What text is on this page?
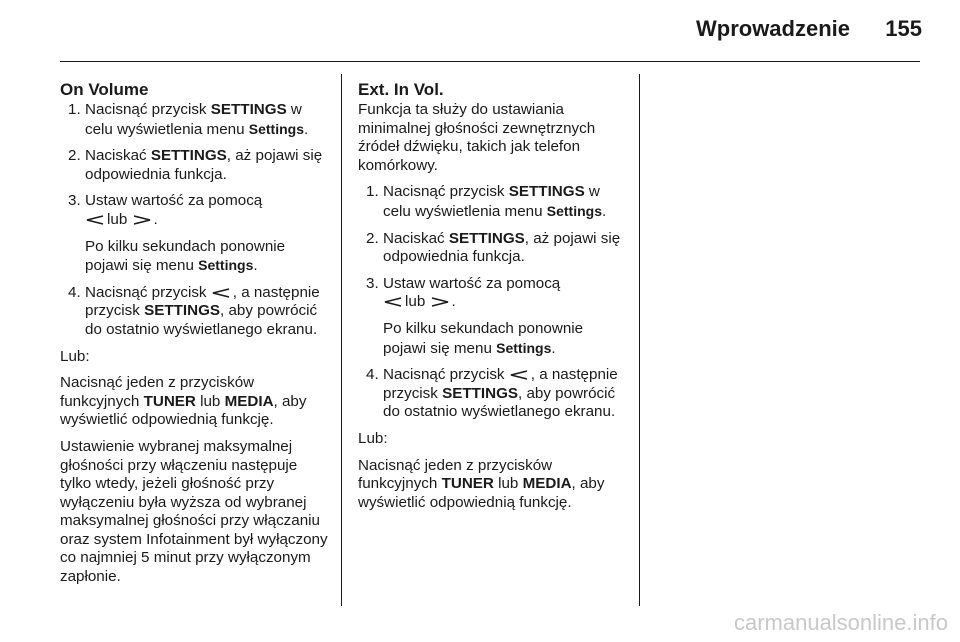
Wprowadzenie 155
On Volume
1. Nacisnąć przycisk SETTINGS w celu wyświetlenia menu Settings.
2. Naciskać SETTINGS, aż pojawi się odpowiednia funkcja.
3. Ustaw wartość za pomocą
lub .

Po kilku sekundach ponownie pojawi się menu Settings.

4. Nacisnąć przycisk , a następnie przycisk SETTINGS, aby powrócić do ostatnio wyświetlanego ekranu.

Lub:

Nacisnąć jeden z przycisków funkcyjnych TUNER lub MEDIA, aby wyświetlić odpowiednią funkcję.

Ustawienie wybranej maksymalnej głośności przy włączeniu następuje tylko wtedy, jeżeli głośność przy wyłączeniu była wyższa od wybranej maksymalnej głośności przy włączaniu oraz system Infotainment był wyłączony co najmniej 5 minut przy wyłączonym zapłonie.

Ext. In Vol.

Funkcja ta służy do ustawiania minimalnej głośności zewnętrznych źródeł dźwięku, takich jak telefon komórkowy.

1. Nacisnąć przycisk SETTINGS w celu wyświetlenia menu Settings.
2. Naciskać SETTINGS, aż pojawi się odpowiednia funkcja.
3. Ustaw wartość za pomocą
lub .

Po kilku sekundach ponownie pojawi się menu Settings.

4. Nacisnąć przycisk , a następnie przycisk SETTINGS, aby powrócić do ostatnio wyświetlanego ekranu.

Lub:

Nacisnąć jeden z przycisków funkcyjnych TUNER lub MEDIA, aby wyświetlić odpowiednią funkcję.

carmanualsonline.info
